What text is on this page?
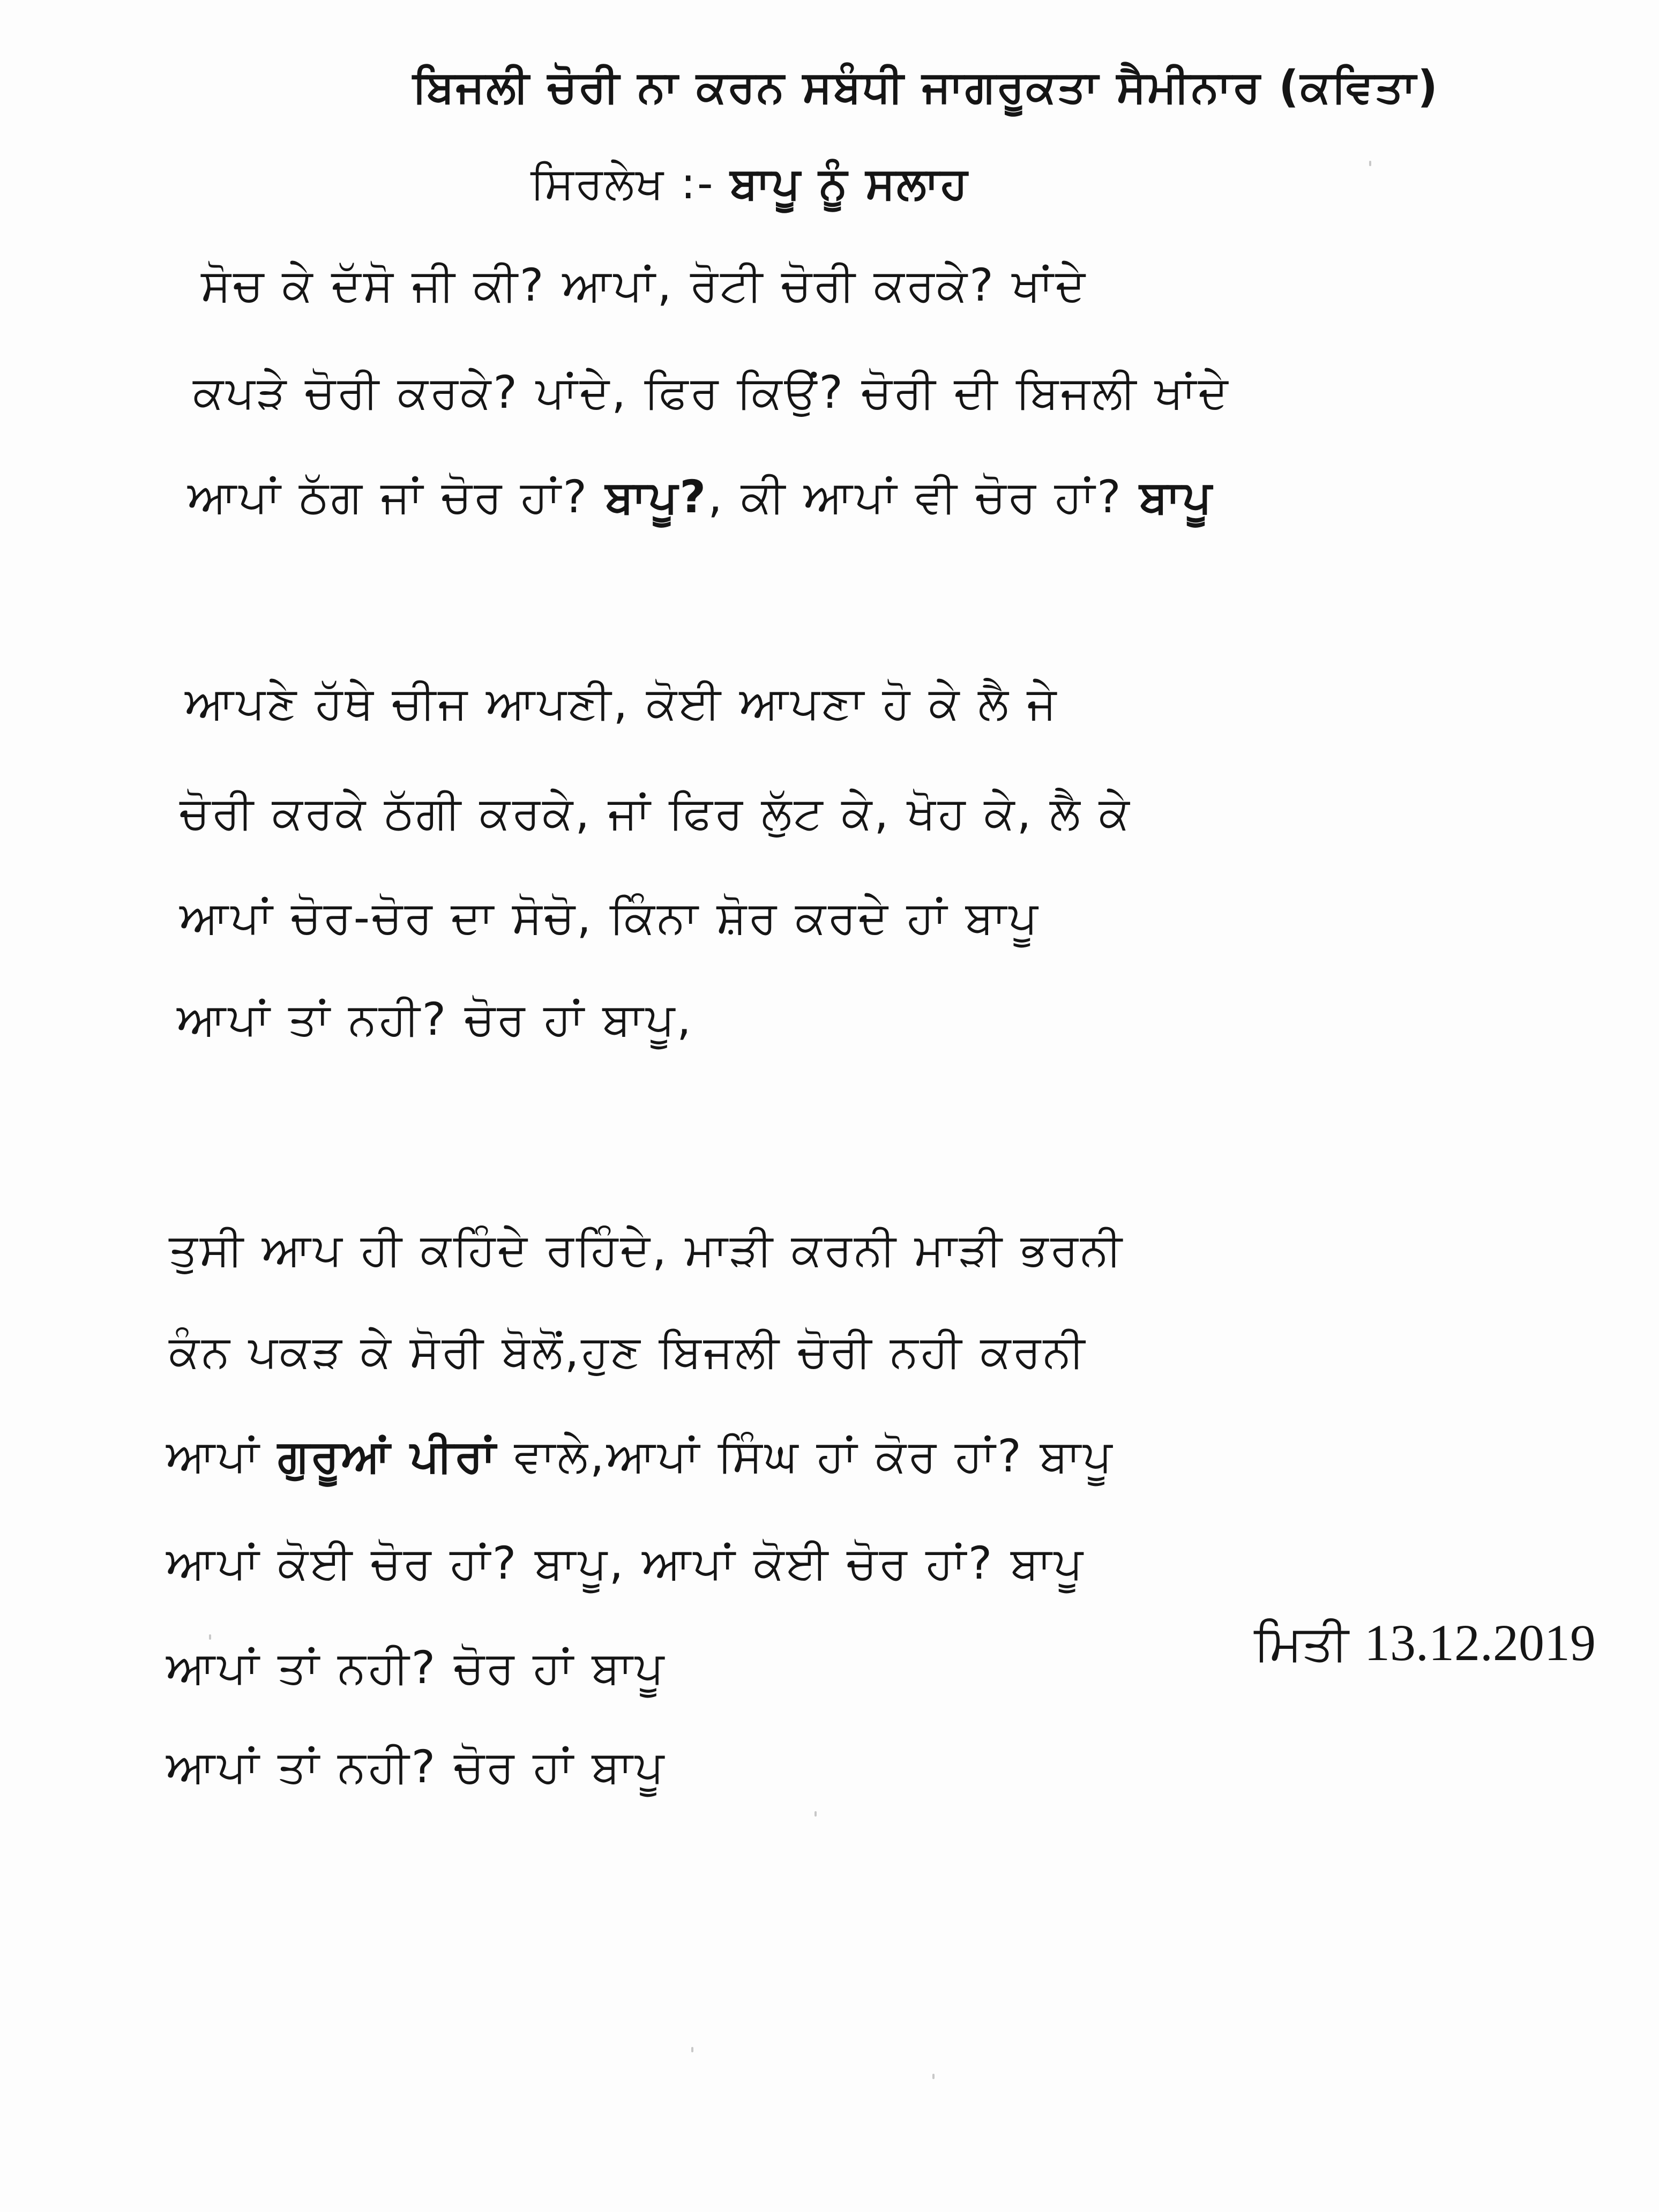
ਬਿਜਲੀ ਚੋਰੀ ਨਾ ਕਰਨ ਸਬੰਧੀ ਜਾਗਰੂਕਤਾ ਸੈਮੀਨਾਰ (ਕਵਿਤਾ)
ਸਿਰਲੇਖ :- ਬਾਪੂ ਨੂੰ ਸਲਾਹ
ਸੋਚ ਕੇ ਦੱਸੋ ਜੀ ਕੀ? ਆਪਾਂ, ਰੋਟੀ ਚੋਰੀ ਕਰਕੇ? ਖਾਂਦੇ
ਕਪੜੇ ਚੋਰੀ ਕਰਕੇ? ਪਾਂਦੇ, ਫਿਰ ਕਿਉਂ? ਚੋਰੀ ਦੀ ਬਿਜਲੀ ਖਾਂਦੇ
ਆਪਾਂ ਠੱਗ ਜਾਂ ਚੋਰ ਹਾਂ? ਬਾਪੂ?, ਕੀ ਆਪਾਂ ਵੀ ਚੋਰ ਹਾਂ? ਬਾਪੂ
ਆਪਣੇ ਹੱਥੇ ਚੀਜ ਆਪਣੀ, ਕੋਈ ਆਪਣਾ ਹੋ ਕੇ ਲੈ ਜੇ
ਚੋਰੀ ਕਰਕੇ ਠੱਗੀ ਕਰਕੇ, ਜਾਂ ਫਿਰ ਲੁੱਟ ਕੇ, ਖੋਹ ਕੇ, ਲੈ ਕੇ
ਆਪਾਂ ਚੋਰ-ਚੋਰ ਦਾ ਸੋਚੋ, ਕਿੰਨਾ ਸ਼ੋਰ ਕਰਦੇ ਹਾਂ ਬਾਪੂ
ਆਪਾਂ ਤਾਂ ਨਹੀ? ਚੋਰ ਹਾਂ ਬਾਪੂ,
ਤੁਸੀ ਆਪ ਹੀ ਕਹਿੰਦੇ ਰਹਿੰਦੇ, ਮਾੜੀ ਕਰਨੀ ਮਾੜੀ ਭਰਨੀ
ਕੰਨ ਪਕੜ ਕੇ ਸੋਰੀ ਬੋਲੋਂ,ਹੁਣ ਬਿਜਲੀ ਚੋਰੀ ਨਹੀ ਕਰਨੀ
ਆਪਾਂ ਗੁਰੂਆਂ ਪੀਰਾਂ ਵਾਲੇ,ਆਪਾਂ ਸਿੰਘ ਹਾਂ ਕੋਰ ਹਾਂ? ਬਾਪੂ
ਆਪਾਂ ਕੋਈ ਚੋਰ ਹਾਂ? ਬਾਪੂ, ਆਪਾਂ ਕੋਈ ਚੋਰ ਹਾਂ? ਬਾਪੂ
ਆਪਾਂ ਤਾਂ ਨਹੀ? ਚੋਰ ਹਾਂ ਬਾਪੂ
ਆਪਾਂ ਤਾਂ ਨਹੀ? ਚੋਰ ਹਾਂ ਬਾਪੂ
ਮਿਤੀ 13.12.2019
